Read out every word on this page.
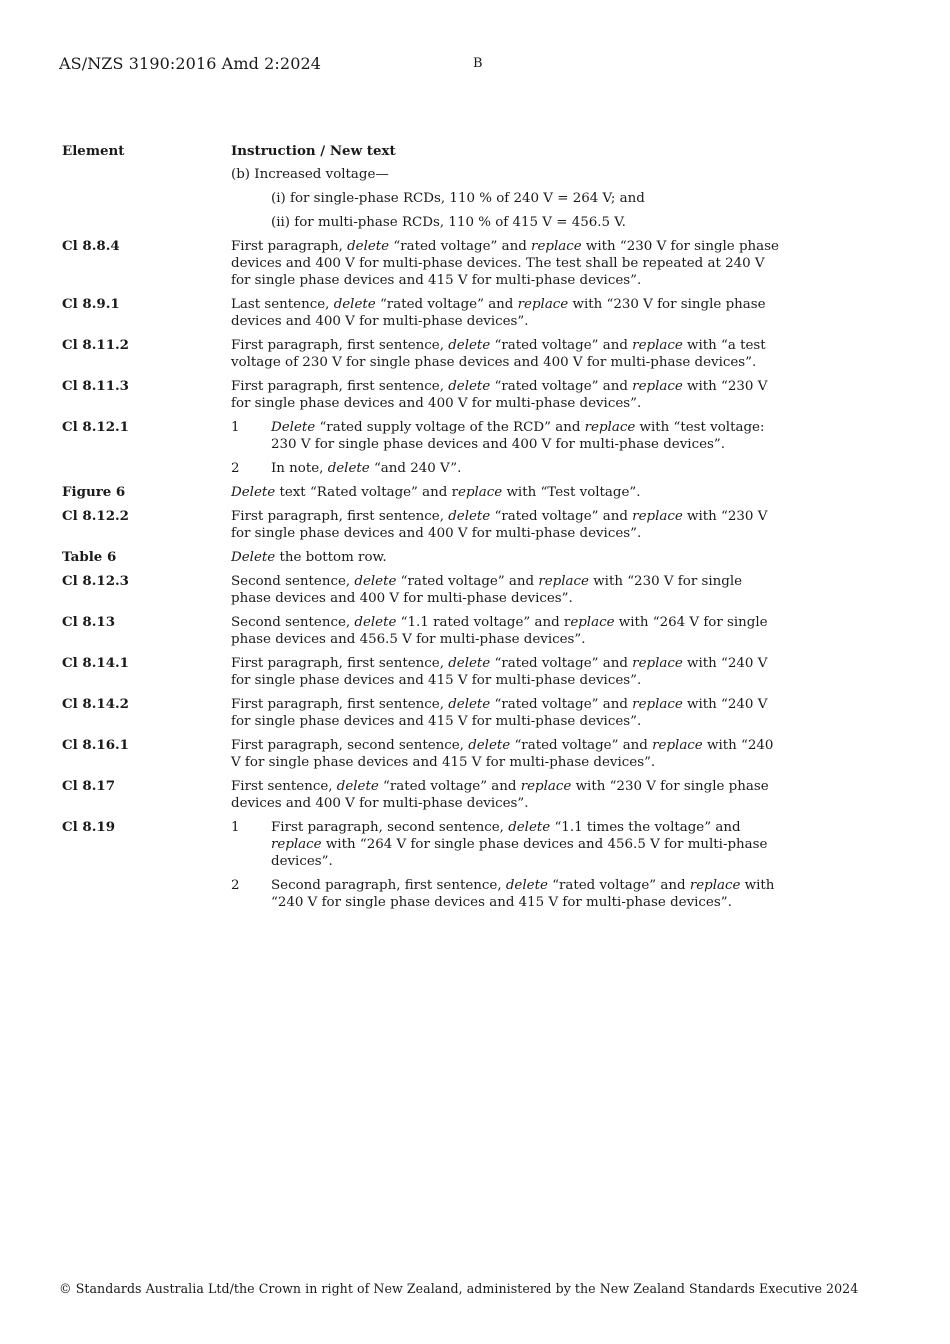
AS/NZS 3190:2016 Amd 2:2024	B
Element	Instruction / New text
(b) Increased voltage—
(i) for single-phase RCDs, 110 % of 240 V = 264 V; and
(ii) for multi-phase RCDs, 110 % of 415 V = 456.5 V.
Cl 8.8.4	First paragraph, delete “rated voltage” and replace with “230 V for single phase devices and 400 V for multi-phase devices. The test shall be repeated at 240 V for single phase devices and 415 V for multi-phase devices”.
Cl 8.9.1	Last sentence, delete “rated voltage” and replace with “230 V for single phase devices and 400 V for multi-phase devices”.
Cl 8.11.2	First paragraph, first sentence, delete “rated voltage” and replace with “a test voltage of 230 V for single phase devices and 400 V for multi-phase devices”.
Cl 8.11.3	First paragraph, first sentence, delete “rated voltage” and replace with “230 V for single phase devices and 400 V for multi-phase devices”.
Cl 8.12.1	1	Delete “rated supply voltage of the RCD” and replace with “test voltage: 230 V for single phase devices and 400 V for multi-phase devices”.
2	In note, delete “and 240 V”.
Figure 6	Delete text “Rated voltage” and replace with “Test voltage”.
Cl 8.12.2	First paragraph, first sentence, delete “rated voltage” and replace with “230 V for single phase devices and 400 V for multi-phase devices”.
Table 6	Delete the bottom row.
Cl 8.12.3	Second sentence, delete “rated voltage” and replace with “230 V for single phase devices and 400 V for multi-phase devices”.
Cl 8.13	Second sentence, delete “1.1 rated voltage” and replace with “264 V for single phase devices and 456.5 V for multi-phase devices”.
Cl 8.14.1	First paragraph, first sentence, delete “rated voltage” and replace with “240 V for single phase devices and 415 V for multi-phase devices”.
Cl 8.14.2	First paragraph, first sentence, delete “rated voltage” and replace with “240 V for single phase devices and 415 V for multi-phase devices”.
Cl 8.16.1	First paragraph, second sentence, delete “rated voltage” and replace with “240 V for single phase devices and 415 V for multi-phase devices”.
Cl 8.17	First sentence, delete “rated voltage” and replace with “230 V for single phase devices and 400 V for multi-phase devices”.
Cl 8.19	1	First paragraph, second sentence, delete “1.1 times the voltage” and replace with “264 V for single phase devices and 456.5 V for multi-phase devices”.
2	Second paragraph, first sentence, delete “rated voltage” and replace with “240 V for single phase devices and 415 V for multi-phase devices”.
© Standards Australia Ltd/the Crown in right of New Zealand, administered by the New Zealand Standards Executive 2024
